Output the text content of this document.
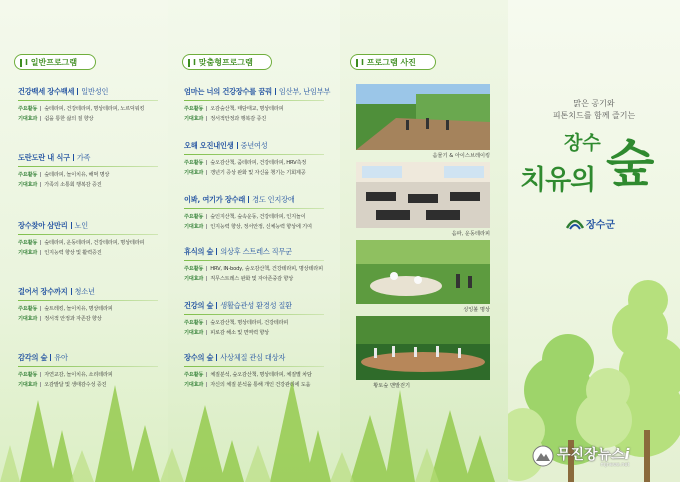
Ⅰ 일반프로그램	Ⅰ 맞춤형프로그램	Ⅰ 프로그램 사진
건강백세 장수백세 일반성인
주요활동 숲테라피, 건강테라피, 명상테라피, 노르딕워킹
기대효과 쉼을 통한 삶의 질 향상
도란도란 내 식구 가족
주요활동 숲테라피, 놀이치유, 해먹 명상
기대효과 가족의 소통회 행복감 증진
장수찾아 삼만리 노인
주요활동 숲테라피, 운동테라피, 건강테라피, 명상테라피
기대효과 인지능력 향상 및 활력증진
걸어서 장수까지 청소년
주요활동 숲트레킹, 놀이치유, 명상테라피
기대효과 정서적 안정과 자존감 향상
감각의 숲 유아
주요활동 자연교감, 놀이치유, 소리테라피
기대효과 오감발달 및 생태감수성 증진
엄마는 너의 건강장수를 꿈꿔 임산부, 난임부부
주요활동 오감숲산책, 태담태교, 명상테라피
기대효과 정서적안정과 행복감 증진
오해 오진내인생 중년여성
주요활동 숲오감산책, 줌테라피, 건강테라피, HRV측정
기대효과 갱년기 증상 완화 및 자신을 챙기는 기회제공
이봐, 여기가 장수래 경도 인지장애
주요활동 숲인지산책, 숲속운동, 건강테라피, 인지놀이
기대효과 인지능력 향상, 정서안정, 신체능력 향상에 기여
휴식의 숲 의상후 스트레스 직무군
주요활동 HRV, IN-body, 숲오감산책, 건강테라피, 명상테라피
기대효과 직무스트레스 완화 및 자아존중감 향상
건강의 숲 생활습관성 환경성 질환
주요활동 숲오감산책, 명상테라피, 건강테라피
기대효과 피로감 해소 및 면역력 향상
장수의 숲 사상체질 관심 대상자
주요활동 체질분석, 숲오감산책, 명상테라피, 체질별 차담
기대효과 자신의 체질 분석을 통해 개인 건강관리에 도움
음물기 & 아이스브레이킹
음파, 운동테라피
싱잉볼 명상
황토숲 맨발걷기
맑은 공기와
피톤치드를 함께 즐기는
장수
치유의 숲
장수군
무진장뉴스 i
mjnews.net
